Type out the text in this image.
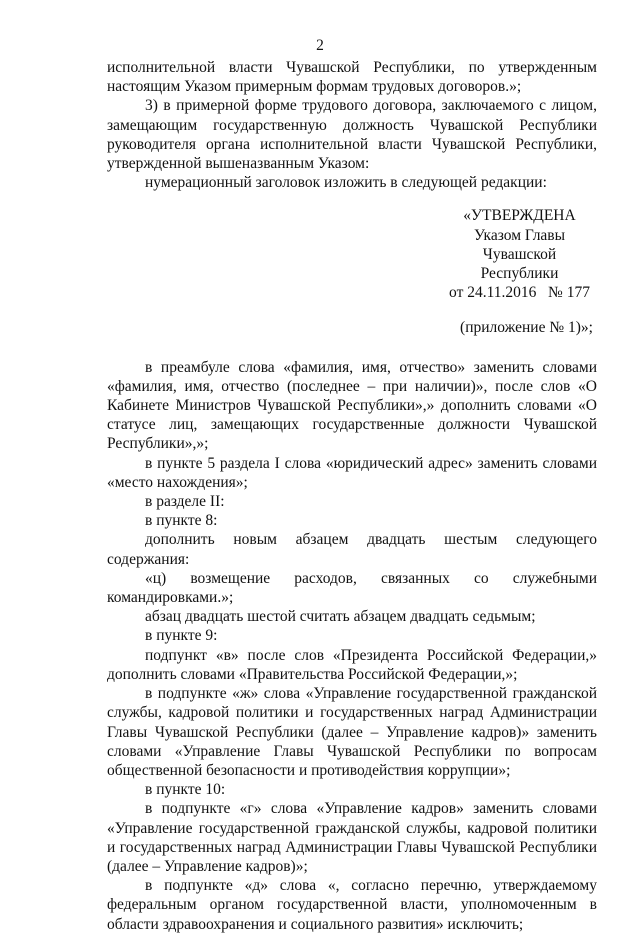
2

исполнительной власти Чувашской Республики, по утвержденным настоящим Указом примерным формам трудовых договоров.»;

3) в примерной форме трудового договора, заключаемого с лицом, замещающим государственную должность Чувашской Республики руководителя органа исполнительной власти Чувашской Республики, утвержденной вышеназванным Указом:

нумерационный заголовок изложить в следующей редакции:

«УТВЕРЖДЕНА
Указом Главы
Чувашской Республики
от 24.11.2016   № 177
(приложение № 1)»;

в преамбуле слова «фамилия, имя, отчество» заменить словами «фамилия, имя, отчество (последнее – при наличии)», после слов «О Кабинете Министров Чувашской Республики»,» дополнить словами «О статусе лиц, замещающих государственные должности Чувашской Республики»,»;

в пункте 5 раздела I слова «юридический адрес» заменить словами «место нахождения»;

в разделе II:

в пункте 8:

дополнить новым абзацем двадцать шестым следующего содержания:

«ц) возмещение расходов, связанных со служебными командировками.»;

абзац двадцать шестой считать абзацем двадцать седьмым;

в пункте 9:

подпункт «в» после слов «Президента Российской Федерации,» дополнить словами «Правительства Российской Федерации,»;

в подпункте «ж» слова «Управление государственной гражданской службы, кадровой политики и государственных наград Администрации Главы Чувашской Республики (далее – Управление кадров)» заменить словами «Управление Главы Чувашской Республики по вопросам общественной безопасности и противодействия коррупции»;

в пункте 10:

в подпункте «г» слова «Управление кадров» заменить словами «Управление государственной гражданской службы, кадровой политики и государственных наград Администрации Главы Чувашской Республики (далее – Управление кадров)»;

в подпункте «д» слова «, согласно перечню, утверждаемому федеральным органом государственной власти, уполномоченным в области здравоохранения и социального развития» исключить;
